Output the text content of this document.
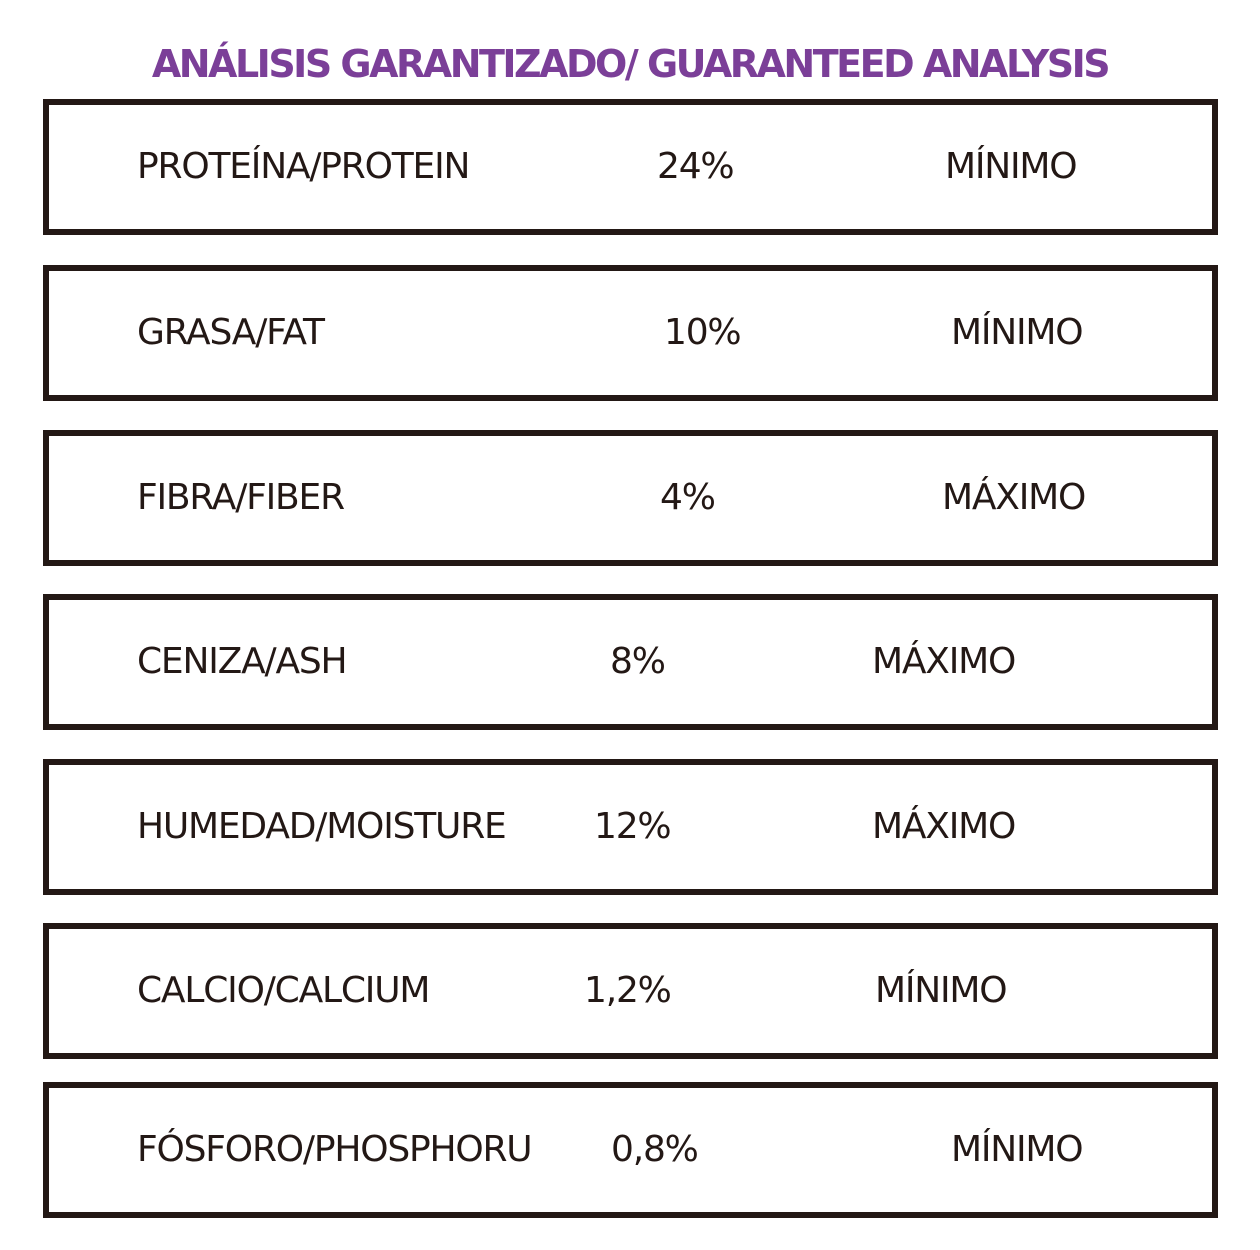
ANÁLISIS GARANTIZADO/ GUARANTEED ANALYSIS
PROTEÍNA/PROTEIN	24%	MÍNIMO
GRASA/FAT	10%	MÍNIMO
FIBRA/FIBER	4%	MÁXIMO
CENIZA/ASH	8%	MÁXIMO
HUMEDAD/MOISTURE 12%	MÁXIMO
CALCIO/CALCIUM	1,2%	MÍNIMO
FÓSFORO/PHOSPHORU 0,8%	MÍNIMO
